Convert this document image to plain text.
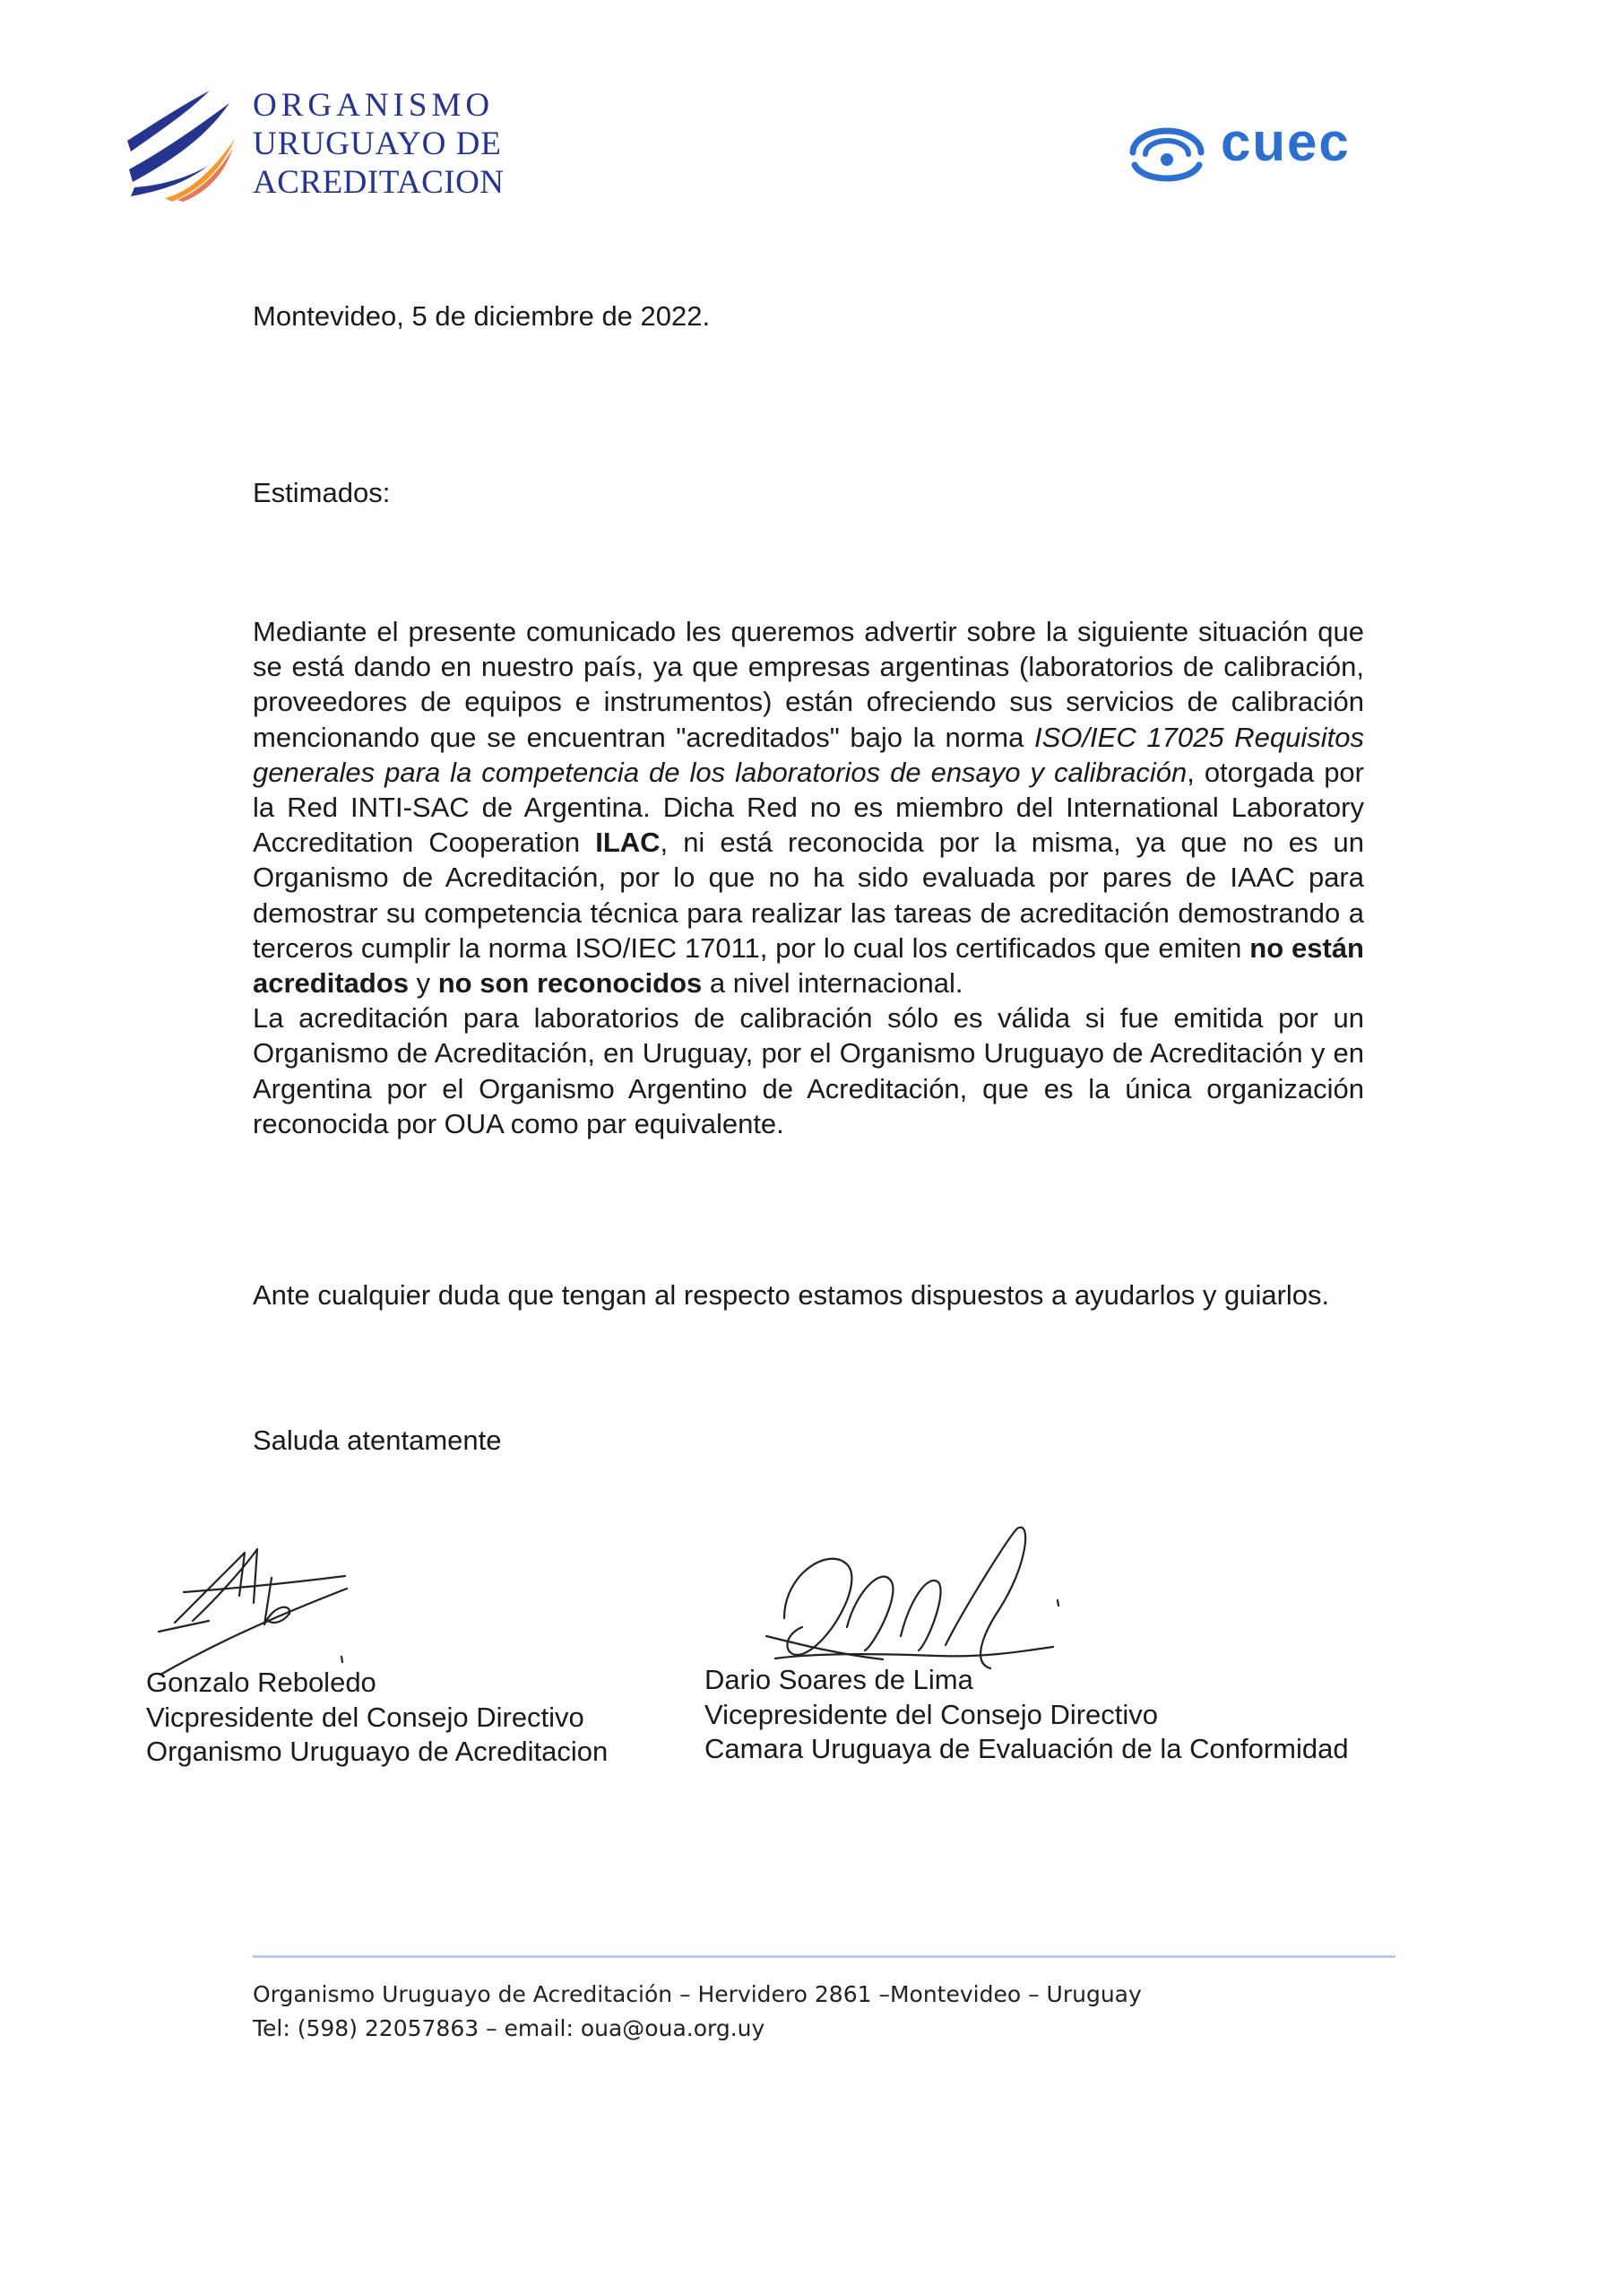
ORGANISMO
URUGUAYO DE
ACREDITACION
cuec
Montevideo, 5 de diciembre de 2022.
Estimados:

Mediante el presente comunicado les queremos advertir sobre la siguiente situación que se está dando en nuestro país, ya que empresas argentinas (laboratorios de calibración, proveedores de equipos e instrumentos) están ofreciendo sus servicios de calibración mencionando que se encuentran "acreditados" bajo la norma ISO/IEC 17025 Requisitos generales para la competencia de los laboratorios de ensayo y calibración, otorgada por la Red INTI-SAC de Argentina. Dicha Red no es miembro del International Laboratory Accreditation Cooperation ILAC, ni está reconocida por la misma, ya que no es un Organismo de Acreditación, por lo que no ha sido evaluada por pares de IAAC para demostrar su competencia técnica para realizar las tareas de acreditación demostrando a terceros cumplir la norma ISO/IEC 17011, por lo cual los certificados que emiten no están acreditados y no son reconocidos a nivel internacional.

La acreditación para laboratorios de calibración sólo es válida si fue emitida por un Organismo de Acreditación, en Uruguay, por el Organismo Uruguayo de Acreditación y en Argentina por el Organismo Argentino de Acreditación, que es la única organización reconocida por OUA como par equivalente.

Ante cualquier duda que tengan al respecto estamos dispuestos a ayudarlos y guiarlos.
Saluda atentamente
Gonzalo Reboledo
Vicpresidente del Consejo Directivo
Organismo Uruguayo de Acreditacion
Dario Soares de Lima
Vicepresidente del Consejo Directivo
Camara Uruguaya de Evaluación de la Conformidad
Organismo Uruguayo de Acreditación – Hervidero 2861 –Montevideo – Uruguay
Tel: (598) 22057863 – email: oua@oua.org.uy
